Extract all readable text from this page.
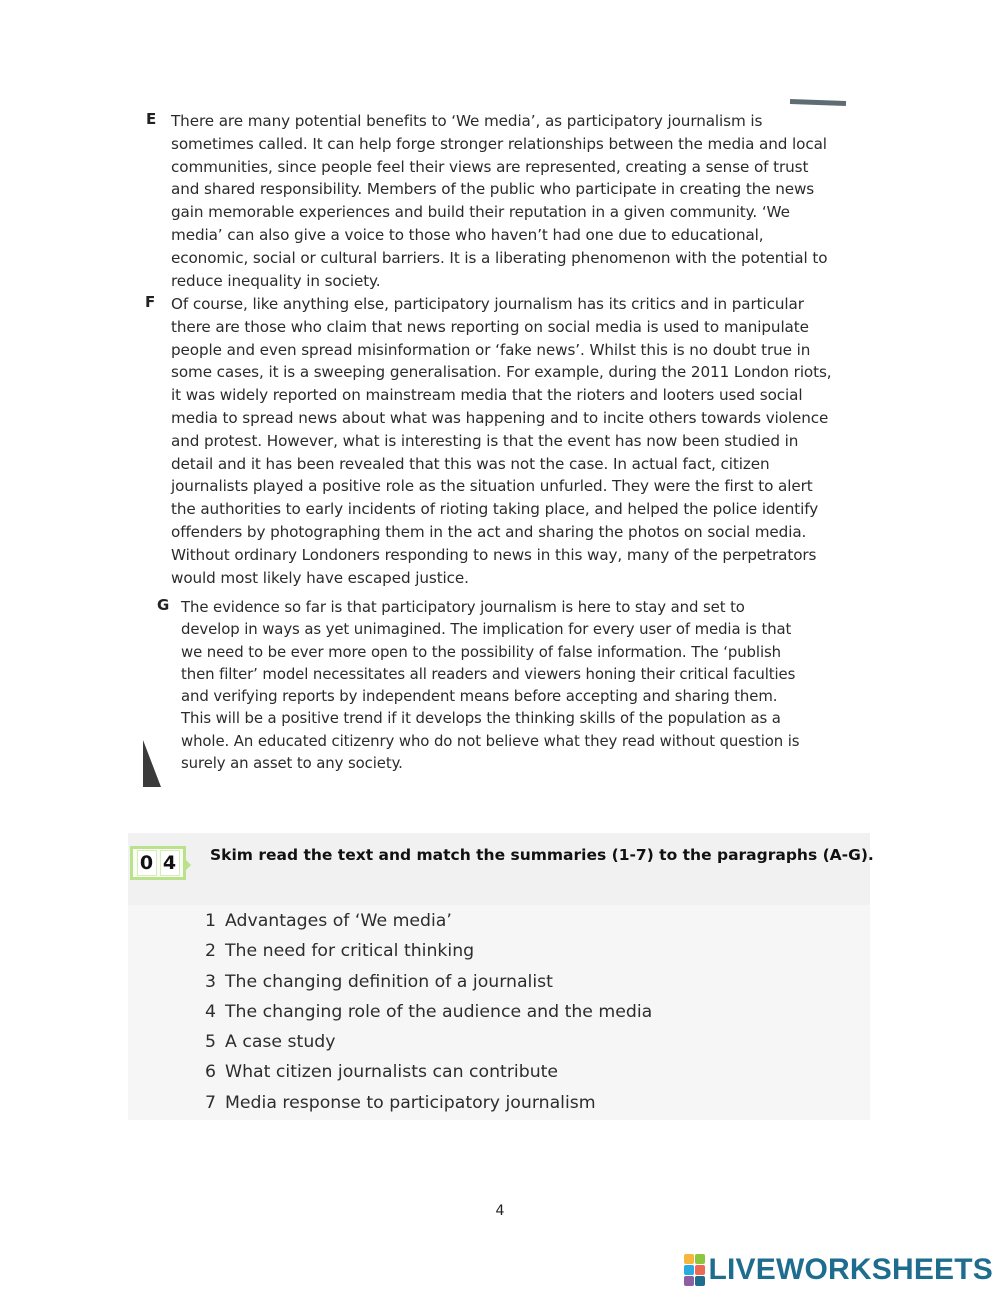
E There are many potential benefits to ‘We media’, as participatory journalism is sometimes called. It can help forge stronger relationships between the media and local communities, since people feel their views are represented, creating a sense of trust and shared responsibility. Members of the public who participate in creating the news gain memorable experiences and build their reputation in a given community. ‘We media’ can also give a voice to those who haven’t had one due to educational, economic, social or cultural barriers. It is a liberating phenomenon with the potential to reduce inequality in society.
F Of course, like anything else, participatory journalism has its critics and in particular there are those who claim that news reporting on social media is used to manipulate people and even spread misinformation or ‘fake news’. Whilst this is no doubt true in some cases, it is a sweeping generalisation. For example, during the 2011 London riots, it was widely reported on mainstream media that the rioters and looters used social media to spread news about what was happening and to incite others towards violence and protest. However, what is interesting is that the event has now been studied in detail and it has been revealed that this was not the case. In actual fact, citizen journalists played a positive role as the situation unfurled. They were the first to alert the authorities to early incidents of rioting taking place, and helped the police identify offenders by photographing them in the act and sharing the photos on social media. Without ordinary Londoners responding to news in this way, many of the perpetrators would most likely have escaped justice.
G The evidence so far is that participatory journalism is here to stay and set to develop in ways as yet unimagined. The implication for every user of media is that we need to be ever more open to the possibility of false information. The ‘publish then filter’ model necessitates all readers and viewers honing their critical faculties and verifying reports by independent means before accepting and sharing them. This will be a positive trend if it develops the thinking skills of the population as a whole. An educated citizenry who do not believe what they read without question is surely an asset to any society.
0 4 Skim read the text and match the summaries (1-7) to the paragraphs (A-G).
1 Advantages of ‘We media’
2 The need for critical thinking
3 The changing definition of a journalist
4 The changing role of the audience and the media
5 A case study
6 What citizen journalists can contribute
7 Media response to participatory journalism
4
LIVEWORKSHEETS
